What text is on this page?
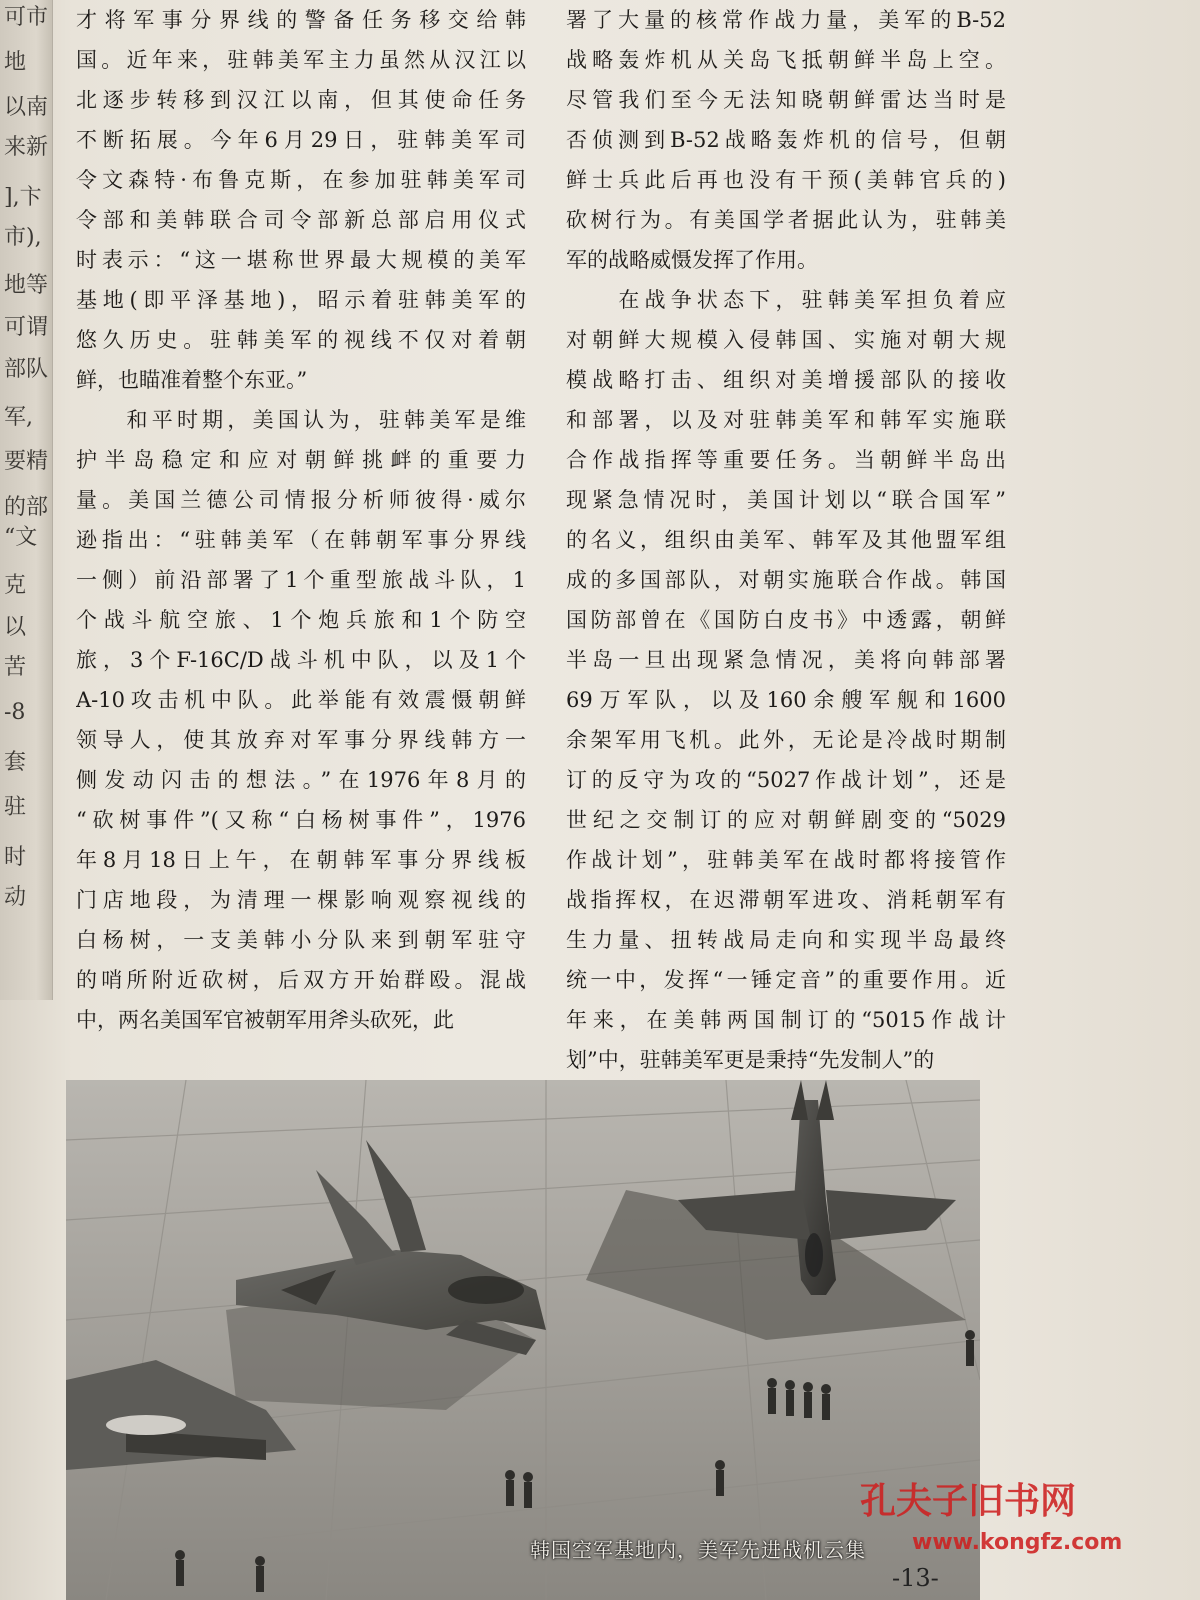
可市
地
以南
来新
],卞
市),
地等
可谓
部队
军,
要精
的部
“文
克
以
苦
-8
套
驻
时
动
才将军事分界线的警备任务移交给韩
国。近年来，驻韩美军主力虽然从汉江以
北逐步转移到汉江以南，但其使命任务
不断拓展。今年6月29日，驻韩美军司
令文森特·布鲁克斯，在参加驻韩美军司
令部和美韩联合司令部新总部启用仪式
时表示：“这一堪称世界最大规模的美军
基地(即平泽基地)，昭示着驻韩美军的
悠久历史。驻韩美军的视线不仅对着朝
鲜，也瞄准着整个东亚。”
　　和平时期，美国认为，驻韩美军是维
护半岛稳定和应对朝鲜挑衅的重要力
量。美国兰德公司情报分析师彼得·威尔
逊指出：“驻韩美军（在韩朝军事分界线
一侧）前沿部署了1个重型旅战斗队，1
个战斗航空旅、1个炮兵旅和1个防空
旅，3个F-16C/D战斗机中队，以及1个
A-10攻击机中队。此举能有效震慑朝鲜
领导人，使其放弃对军事分界线韩方一
侧发动闪击的想法。”在1976年8月的
“砍树事件”(又称“白杨树事件”，1976
年8月18日上午，在朝韩军事分界线板
门店地段，为清理一棵影响观察视线的
白杨树，一支美韩小分队来到朝军驻守
的哨所附近砍树，后双方开始群殴。混战
中，两名美国军官被朝军用斧头砍死，此
署了大量的核常作战力量，美军的B-52
战略轰炸机从关岛飞抵朝鲜半岛上空。
尽管我们至今无法知晓朝鲜雷达当时是
否侦测到B-52战略轰炸机的信号，但朝
鲜士兵此后再也没有干预(美韩官兵的)
砍树行为。有美国学者据此认为，驻韩美
军的战略威慑发挥了作用。
　　在战争状态下，驻韩美军担负着应
对朝鲜大规模入侵韩国、实施对朝大规
模战略打击、组织对美增援部队的接收
和部署，以及对驻韩美军和韩军实施联
合作战指挥等重要任务。当朝鲜半岛出
现紧急情况时，美国计划以“联合国军”
的名义，组织由美军、韩军及其他盟军组
成的多国部队，对朝实施联合作战。韩国
国防部曾在《国防白皮书》中透露，朝鲜
半岛一旦出现紧急情况，美将向韩部署
69万军队，以及160余艘军舰和1600
余架军用飞机。此外，无论是冷战时期制
订的反守为攻的“5027作战计划”，还是
世纪之交制订的应对朝鲜剧变的“5029
作战计划”，驻韩美军在战时都将接管作
战指挥权，在迟滞朝军进攻、消耗朝军有
生力量、扭转战局走向和实现半岛最终
统一中，发挥“一锤定音”的重要作用。近
年来，在美韩两国制订的“5015作战计
划”中，驻韩美军更是秉持“先发制人”的
韩国空军基地内，美军先进战机云集
孔夫子旧书网
www.kongfz.com
-13-
